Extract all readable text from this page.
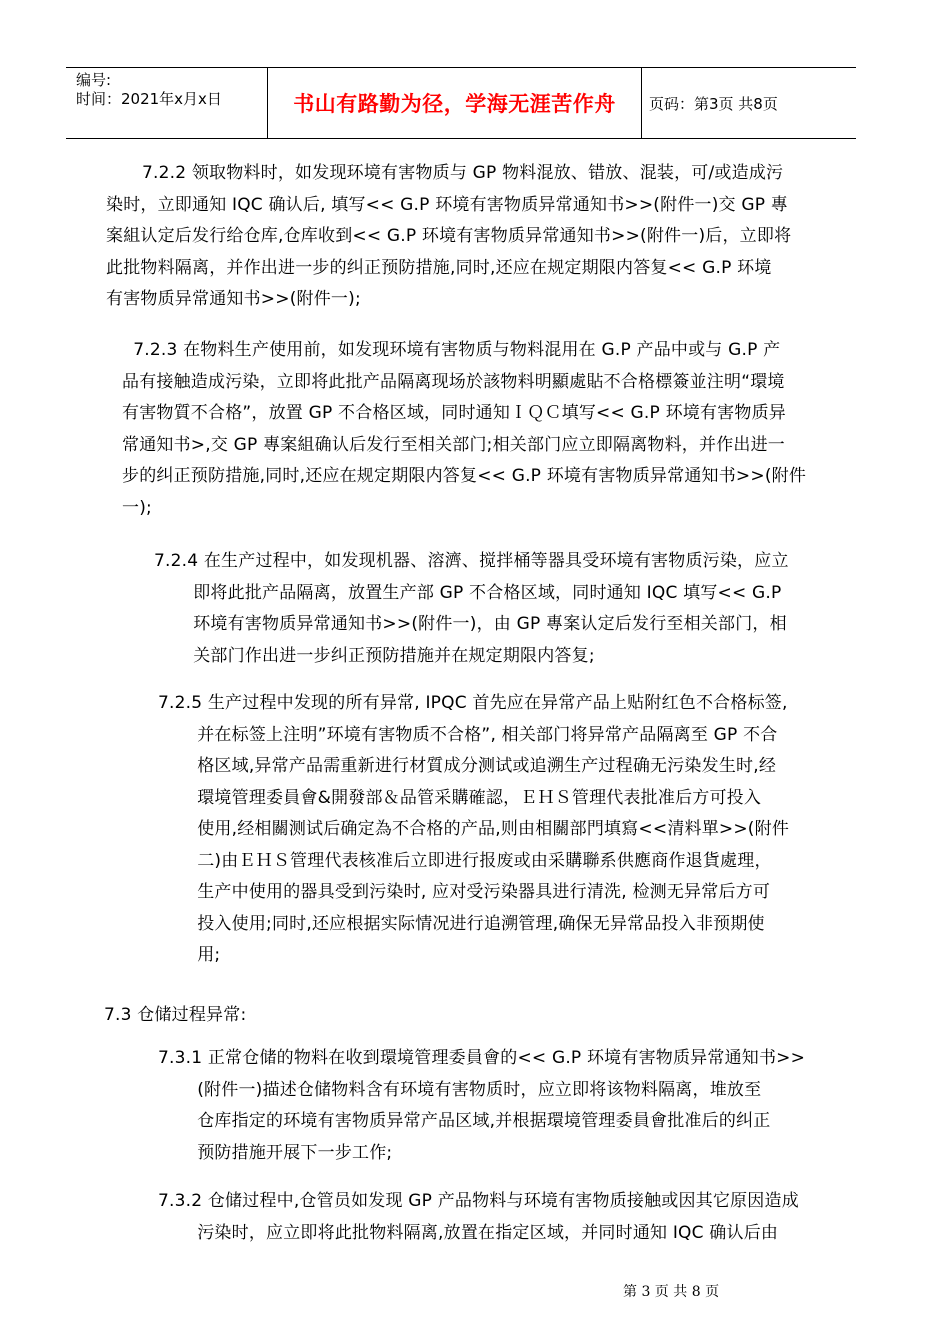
编号:
时间：2021年x月x日	书山有路勤为径，学海无涯苦作舟	页码：第3页 共8页
7.2.2 领取物料时，如发现环境有害物质与 GP 物料混放、错放、混装，可/或造成污
染时，立即通知 IQC 确认后, 填写<< G.P 环境有害物质异常通知书>>(附件一)交 GP 專
案組认定后发行给仓库,仓库收到<< G.P 环境有害物质异常通知书>>(附件一)后，立即将
此批物料隔离，并作出进一步的纠正预防措施,同时,还应在规定期限内答复<< G.P 环境
有害物质异常通知书>>(附件一);
7.2.3 在物料生产使用前，如发现环境有害物质与物料混用在 G.P 产品中或与 G.P 产
品有接触造成污染，立即将此批产品隔离现场於該物料明顯處貼不合格標簽並注明“環境
有害物質不合格”，放置 GP 不合格区域，同时通知ＩＱＣ填写<< G.P 环境有害物质异
常通知书>,交 GP 專案組确认后发行至相关部门;相关部门应立即隔离物料，并作出进一
步的纠正预防措施,同时,还应在规定期限内答复<< G.P 环境有害物质异常通知书>>(附件
一);
7.2.4 在生产过程中，如发现机器、溶濟、搅拌桶等器具受环境有害物质污染，应立
即将此批产品隔离，放置生产部 GP 不合格区域，同时通知 IQC 填写<< G.P
环境有害物质异常通知书>>(附件一)，由 GP 專案认定后发行至相关部门，相
关部门作出进一步纠正预防措施并在规定期限内答复;
7.2.5 生产过程中发现的所有异常, IPQC 首先应在异常产品上贴附红色不合格标签,
并在标签上注明”环境有害物质不合格”, 相关部门将异常产品隔离至 GP 不合
格区域,异常产品需重新进行材質成分测试或追溯生产过程确无污染发生时,经
環境管理委員會&開發部＆品管采購確認，ＥＨＳ管理代表批准后方可投入
使用,经相關测试后确定為不合格的产品,则由相關部門填寫<<清料單>>(附件
二)由ＥＨＳ管理代表核准后立即进行报废或由采購聯系供應商作退貨處理，
生产中使用的器具受到污染时, 应对受污染器具进行清洗, 检测无异常后方可
投入使用;同时,还应根据实际情况进行追溯管理,确保无异常品投入非预期使
用;
7.3 仓储过程异常:
7.3.1 正常仓储的物料在收到環境管理委員會的<< G.P 环境有害物质异常通知书>>
(附件一)描述仓储物料含有环境有害物质时，应立即将该物料隔离，堆放至
仓库指定的环境有害物质异常产品区域,并根据環境管理委員會批准后的纠正
预防措施开展下一步工作;
7.3.2 仓储过程中,仓管员如发现 GP 产品物料与环境有害物质接触或因其它原因造成
污染时，应立即将此批物料隔离,放置在指定区域，并同时通知 IQC 确认后由
第 3 页 共 8 页
